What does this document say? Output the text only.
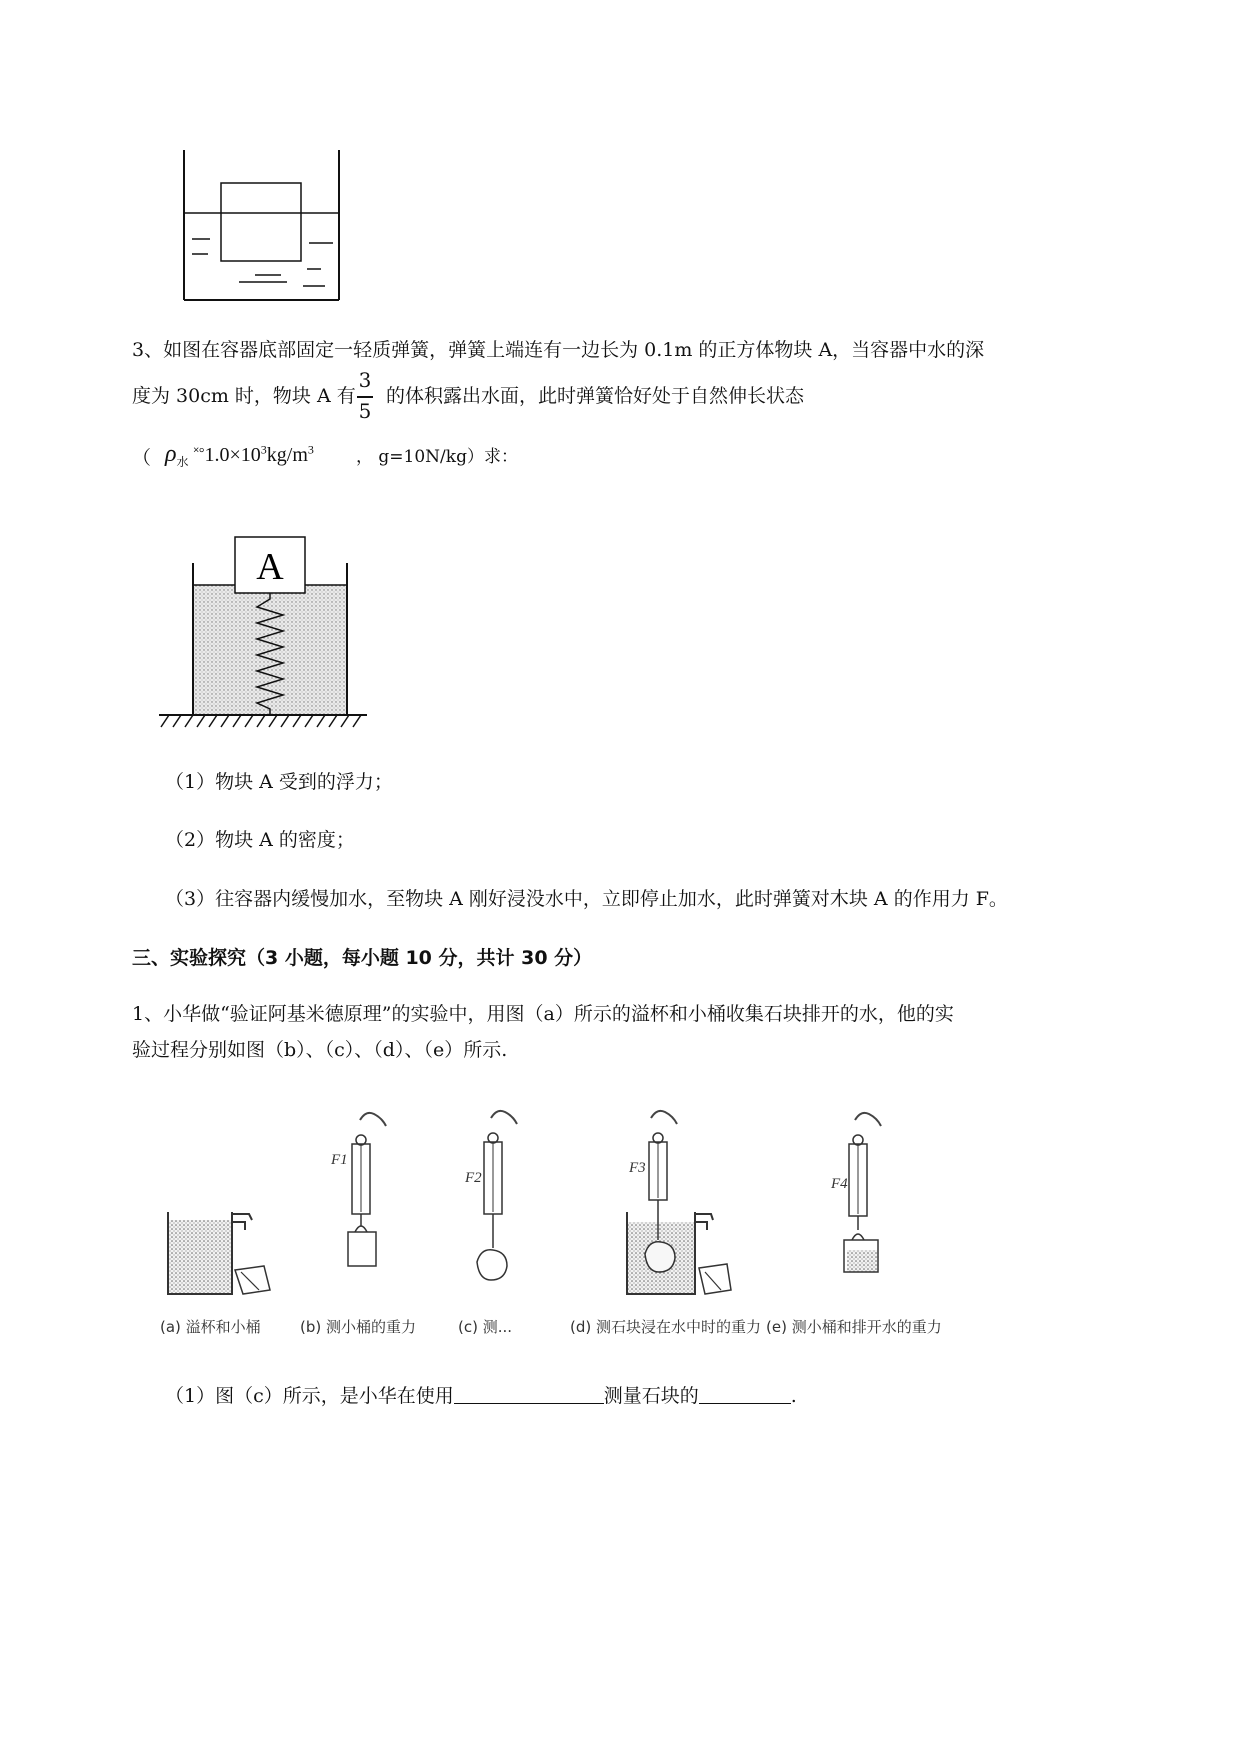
3、如图在容器底部固定一轻质弹簧，弹簧上端连有一边长为 0.1m 的正方体物块 A，当容器中水的深
度为 30cm 时，物块 A 有
3
5
的体积露出水面，此时弹簧恰好处于自然伸长状态
（ $\rho_水$ $^{˟^\circ}1.0\times 10^3kg/m^3$ ， g=10N/kg）求：
A
（1）物块 A 受到的浮力；
（2）物块 A 的密度；
（3）往容器内缓慢加水，至物块 A 刚好浸没水中，立即停止加水，此时弹簧对木块 A 的作用力 F。
三、实验探究（3 小题，每小题 10 分，共计 30 分）
1、小华做“验证阿基米德原理”的实验中，用图（a）所示的溢杯和小桶收集石块排开的水，他的实
验过程分别如图（b）、（c）、（d）、（e）所示.
F1
F2
F3
F4
(a) 溢杯和小桶	(b) 测小桶的重力	(c) 测...	(d) 测石块浸在水中时的重力 (e) 测小桶和排开水的重力
（1）图（c）所示，是小华在使用	测量石块的	.
